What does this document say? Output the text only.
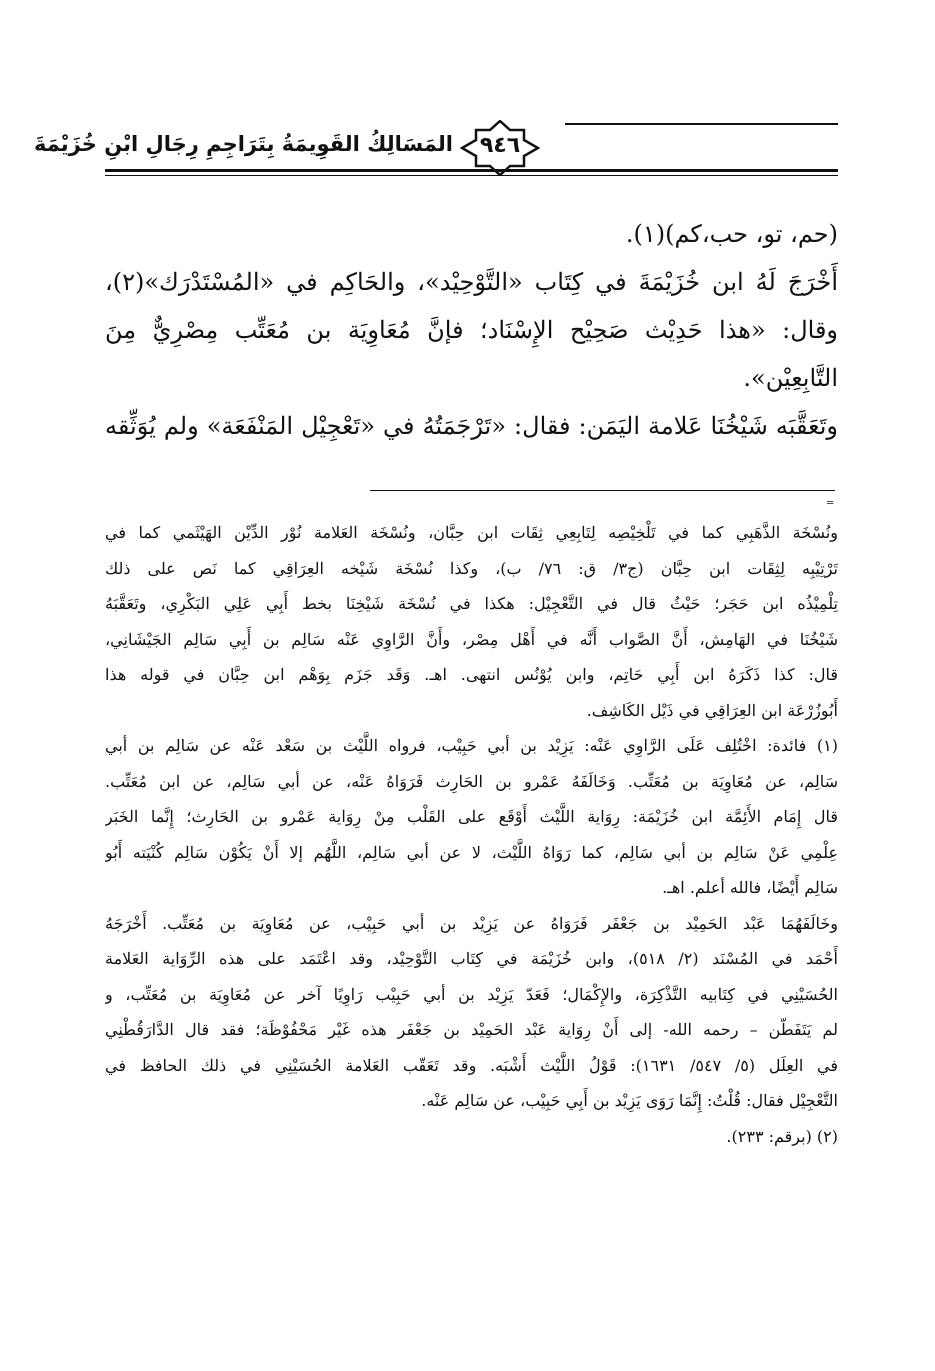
المَسَالِكُ القَوِيمَةُ بِتَرَاجِمِ رِجَالِ ابْنِ خُزَيْمَةَ	٩٤٦
(حم، تو، حب،كم)(١).
أَخْرَجَ لَهُ ابن خُزَيْمَةَ في كِتَاب «التَّوْحِيْد»، والحَاكِم في «المُسْتَدْرَك»(٢)،
وقال: «هذا حَدِيْث صَحِيْح الإِسْنَاد؛ فإنَّ مُعَاوِيَة بن مُعَتِّب مِصْرِيٌّ مِنَ
التَّابِعِيْن».
وتَعَقَّبَه شَيْخُنَا عَلامة اليَمَن: فقال: «تَرْجَمَتُهُ في «تَعْجِيْل المَنْفَعَة» ولم يُوَثِّقه
=
ونُسْخَة الذَّهَبِي كما في تَلْخِيْصِه لِتَابِعِي ثِقَات ابن حِبَّان، ونُسْخَة العَلامة نُوْر الدِّيْن الهَيْثَمي كما في
تَرْتِيْبِه لِثِقَات ابن حِبَّان (ج٣/ ق: ٧٦/ ب)، وكذا نُسْخَة شَيْخه العِرَاقِي كما نَص على ذلك
تِلْمِيْذُه ابن حَجَر؛ حَيْثُ قال في التَّعْجِيْل: هكذا في نُسْخَة شَيْخِنَا بخط أَبِي عَلِي البَكْرِي، وتَعَقَّبَهُ
شَيْخُنَا في الهَامِش، أَنَّ الصَّواب أَنَّه في أَهْل مِصْر، وأَنَّ الرَّاوِي عَنْه سَالِم بن أَبِي سَالِم الجَيْشَانِي،
قال: كذا ذَكَرَهُ ابن أَبِي حَاتِم، وابن يُوْنُس انتهى. اهـ. وَقَد جَزَم بِوَهْم ابن حِبَّان في قوله هذا
أَبُوزُرْعَة ابن العِرَاقِي في ذَيْل الكَاشِف.
(١) فائدة: اخْتُلِف عَلَى الرَّاوِي عَنْه: يَزِيْد بن أبي حَبِيْب، فرواه اللَّيْث بن سَعْد عَنْه عن سَالِم بن أبي
سَالِم، عن مُعَاوِيَة بن مُعَتِّب. وَخَالَفَهُ عَمْرو بن الحَارِث فَرَوَاهُ عَنْه، عن أبي سَالِم، عن ابن مُعَتِّب.
قال إِمَام الأَئِمَّة ابن خُزَيْمَة: رِوَاية اللَّيْث أَوْقَع على القَلْب مِنْ رِوَاية عَمْرو بن الحَارِث؛ إِنَّما الخَبَر
عِلْمِي عَنْ سَالِم بن أبي سَالِم، كما رَوَاهُ اللَّيْث، لا عن أبي سَالِم، اللَّهُم إلا أَنْ يَكُوْن سَالِم كُنْيَته أَبُو
سَالِم أَيْضًا، فالله أعلم. اهـ.
وخَالَفَهُمَا عَبْد الحَمِيْد بن جَعْفَر فَرَوَاهُ عن يَزِيْد بن أبي حَبِيْب، عن مُعَاوِيَة بن مُعَتِّب. أَخْرَجَهُ
أَحْمَد في المُسْنَد (٢/ ٥١٨)، وابن خُزَيْمَة في كِتَاب التَّوْحِيْد، وقد اعْتَمَد على هذه الرِّوَاية العَلامة
الحُسَيْنِي في كِتَابيه التَّذْكِرَة، والإِكْمَال؛ فَعَدّ يَزِيْد بن أبي حَبِيْب رَاوِيًا آخر عن مُعَاوِيَة بن مُعَتِّب، و
لم يَتَفَطّن – رحمه الله- إلى أَنْ رِوَاية عَبْد الحَمِيْد بن جَعْفَر هذه غَيْر مَحْفُوْظَة؛ فقد قال الدَّارَقُطْنِي
في العِلَل (٥/ ٥٤٧/ ١٦٣١): قَوْلُ اللَّيْث أَشْبَه. وقد تَعَقّب العَلامة الحُسَيْنِي في ذلك الحافظ في
التَّعْجِيْل فقال: قُلْتُ: إِنَّمَا رَوَى يَزِيْد بن أَبِي حَبِيْب، عن سَالِم عَنْه.
(٢) (برقم: ٢٣٣).
